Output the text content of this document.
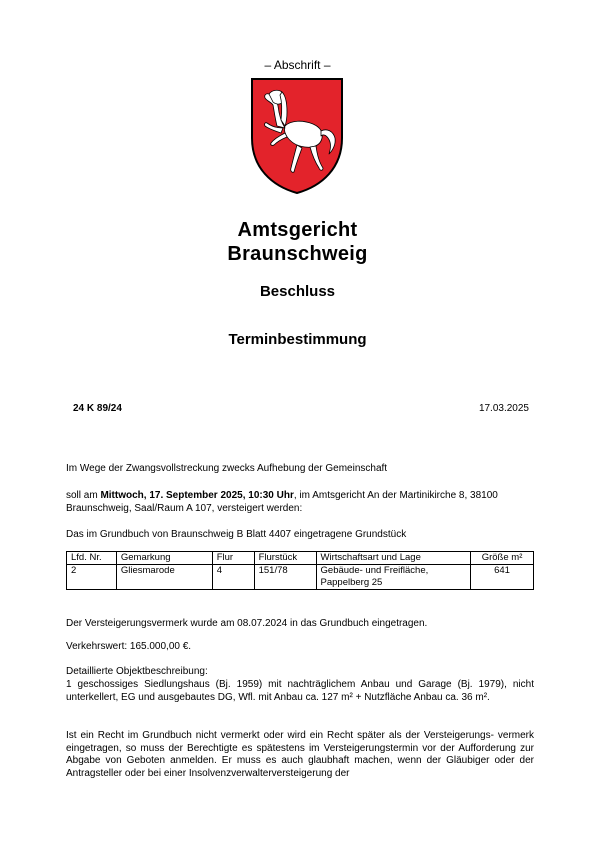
– Abschrift –
Amtsgericht
Braunschweig
Beschluss
Terminbestimmung
24 K 89/24	17.03.2025
Im Wege der Zwangsvollstreckung zwecks Aufhebung der Gemeinschaft
soll am Mittwoch, 17. September 2025, 10:30 Uhr, im Amtsgericht An der Martinikirche 8, 38100 Braunschweig, Saal/Raum A 107, versteigert werden:
Das im Grundbuch von Braunschweig B Blatt 4407 eingetragene Grundstück
Lfd. Nr.	Gemarkung	Flur	Flurstück	Wirtschaftsart und Lage	Größe m²
2	Gliesmarode	4	151/78	Gebäude- und Freifläche, Pappelberg 25	641
Der Versteigerungsvermerk wurde am 08.07.2024 in das Grundbuch eingetragen.
Verkehrswert: 165.000,00 €.
Detaillierte Objektbeschreibung:
1 geschossiges Siedlungshaus (Bj. 1959) mit nachträglichem Anbau und Garage (Bj. 1979), nicht unterkellert, EG und ausgebautes DG, Wfl. mit Anbau ca. 127 m² + Nutzfläche Anbau ca. 36 m².
Ist ein Recht im Grundbuch nicht vermerkt oder wird ein Recht später als der Versteigerungs- vermerk eingetragen, so muss der Berechtigte es spätestens im Versteigerungstermin vor der Aufforderung zur Abgabe von Geboten anmelden. Er muss es auch glaubhaft machen, wenn der Gläubiger oder der Antragsteller oder bei einer Insolvenzverwalterversteigerung der
